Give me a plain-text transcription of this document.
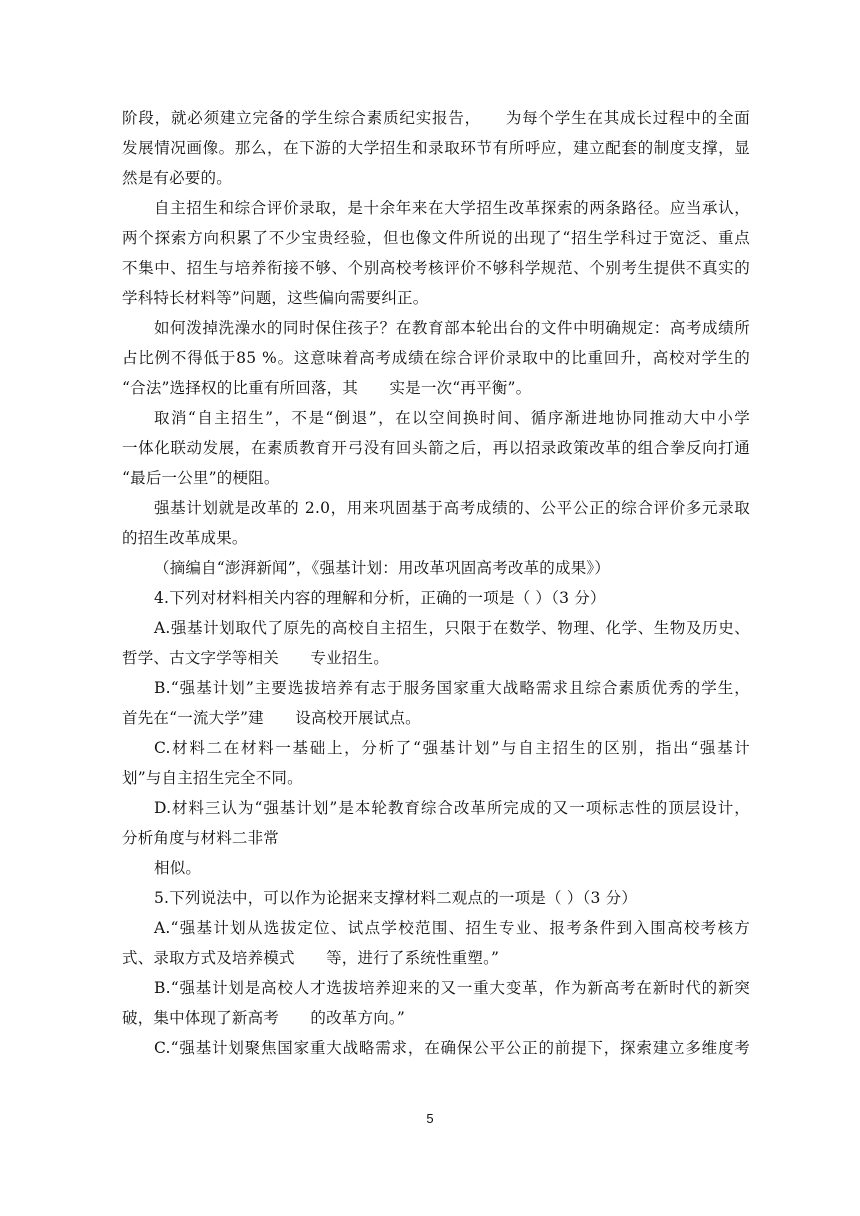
阶段，就必须建立完备的学生综合素质纪实报告，　　为每个学生在其成长过程中的全面
发展情况画像。那么，在下游的大学招生和录取环节有所呼应，建立配套的制度支撑，显
然是有必要的。
自主招生和综合评价录取，是十余年来在大学招生改革探索的两条路径。应当承认，
两个探索方向积累了不少宝贵经验，但也像文件所说的出现了“招生学科过于宽泛、重点
不集中、招生与培养衔接不够、个别高校考核评价不够科学规范、个别考生提供不真实的
学科特长材料等”问题，这些偏向需要纠正。
如何泼掉洗澡水的同时保住孩子？在教育部本轮出台的文件中明确规定：高考成绩所
占比例不得低于85 %。这意味着高考成绩在综合评价录取中的比重回升，高校对学生的
“合法”选择权的比重有所回落，其　　实是一次“再平衡”。
取消“自主招生”，不是“倒退”，在以空间换时间、循序渐进地协同推动大中小学
一体化联动发展，在素质教育开弓没有回头箭之后，再以招录政策改革的组合拳反向打通
“最后一公里”的梗阻。
强基计划就是改革的 2.0，用来巩固基于高考成绩的、公平公正的综合评价多元录取
的招生改革成果。
（摘编自“澎湃新闻”，《强基计划：用改革巩固高考改革的成果》）
4.下列对材料相关内容的理解和分析，正确的一项是（ ）（3 分）
A.强基计划取代了原先的高校自主招生，只限于在数学、物理、化学、生物及历史、
哲学、古文字学等相关　　专业招生。
B.“强基计划”主要选拔培养有志于服务国家重大战略需求且综合素质优秀的学生，
首先在“一流大学”建　　设高校开展试点。
C.材料二在材料一基础上，分析了“强基计划”与自主招生的区别，指出“强基计
划”与自主招生完全不同。
D.材料三认为“强基计划”是本轮教育综合改革所完成的又一项标志性的顶层设计，
分析角度与材料二非常
相似。
5.下列说法中，可以作为论据来支撑材料二观点的一项是（ ）（3 分）
A.“强基计划从选拔定位、试点学校范围、招生专业、报考条件到入围高校考核方
式、录取方式及培养模式　　等，进行了系统性重塑。”
B.“强基计划是高校人才选拔培养迎来的又一重大变革，作为新高考在新时代的新突
破，集中体现了新高考　　的改革方向。”
C.“强基计划聚焦国家重大战略需求，在确保公平公正的前提下，探索建立多维度考
5
